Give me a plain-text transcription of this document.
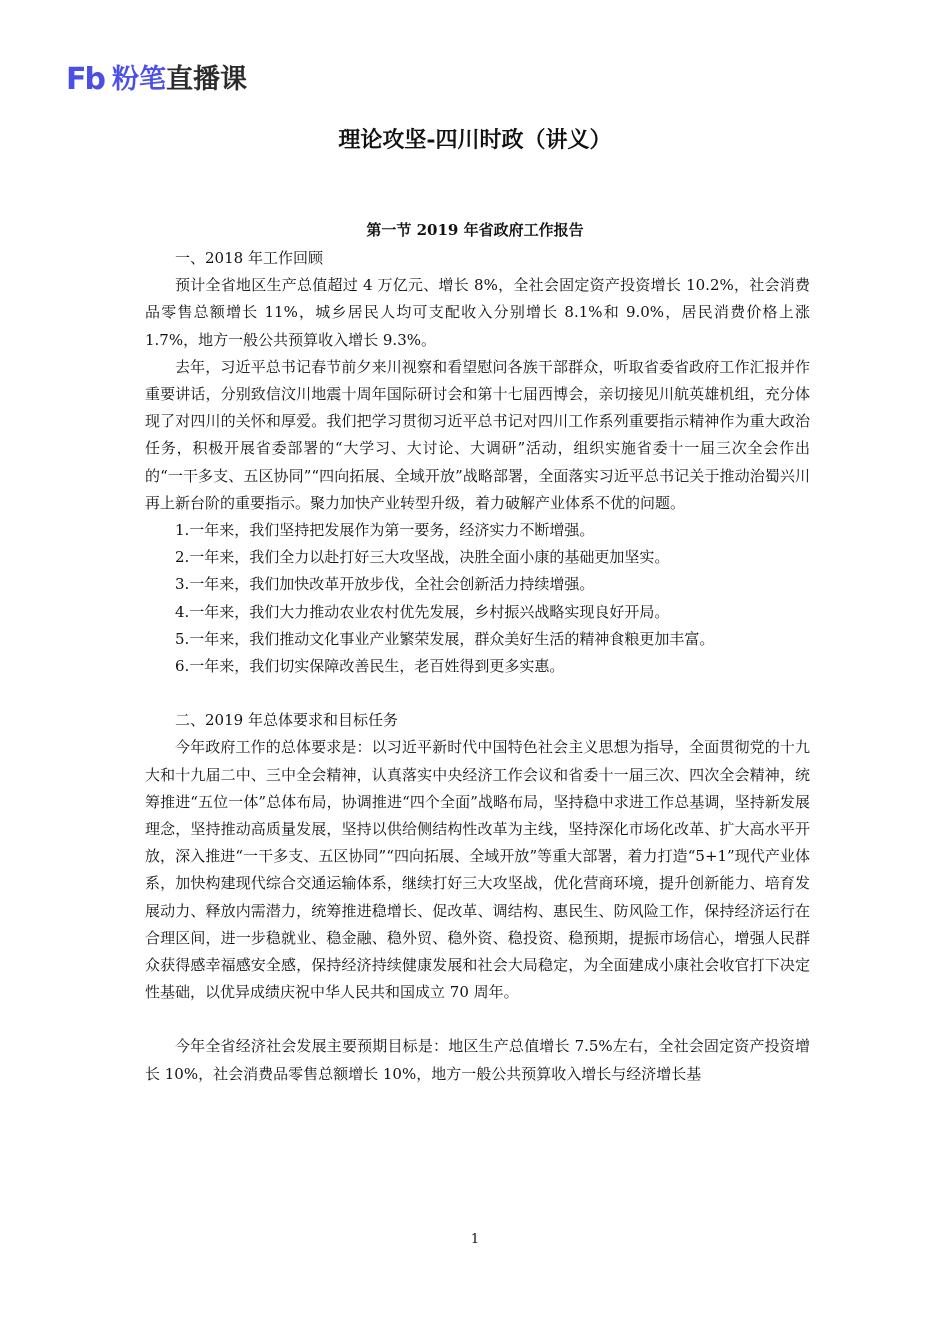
Fb 粉笔直播课
理论攻坚-四川时政（讲义）
第一节 2019 年省政府工作报告

一、2018 年工作回顾

预计全省地区生产总值超过 4 万亿元、增长 8%，全社会固定资产投资增长 10.2%，社会消费品零售总额增长 11%，城乡居民人均可支配收入分别增长 8.1%和 9.0%，居民消费价格上涨 1.7%，地方一般公共预算收入增长 9.3%。

去年，习近平总书记春节前夕来川视察和看望慰问各族干部群众，听取省委省政府工作汇报并作重要讲话，分别致信汶川地震十周年国际研讨会和第十七届西博会，亲切接见川航英雄机组，充分体现了对四川的关怀和厚爱。我们把学习贯彻习近平总书记对四川工作系列重要指示精神作为重大政治任务，积极开展省委部署的“大学习、大讨论、大调研”活动，组织实施省委十一届三次全会作出的“一干多支、五区协同”“四向拓展、全域开放”战略部署，全面落实习近平总书记关于推动治蜀兴川再上新台阶的重要指示。聚力加快产业转型升级，着力破解产业体系不优的问题。

1.一年来，我们坚持把发展作为第一要务，经济实力不断增强。

2.一年来，我们全力以赴打好三大攻坚战，决胜全面小康的基础更加坚实。

3.一年来，我们加快改革开放步伐，全社会创新活力持续增强。

4.一年来，我们大力推动农业农村优先发展，乡村振兴战略实现良好开局。

5.一年来，我们推动文化事业产业繁荣发展，群众美好生活的精神食粮更加丰富。

6.一年来，我们切实保障改善民生，老百姓得到更多实惠。

二、2019 年总体要求和目标任务

今年政府工作的总体要求是：以习近平新时代中国特色社会主义思想为指导，全面贯彻党的十九大和十九届二中、三中全会精神，认真落实中央经济工作会议和省委十一届三次、四次全会精神，统筹推进“五位一体”总体布局，协调推进“四个全面”战略布局，坚持稳中求进工作总基调，坚持新发展理念，坚持推动高质量发展，坚持以供给侧结构性改革为主线，坚持深化市场化改革、扩大高水平开放，深入推进“一干多支、五区协同”“四向拓展、全域开放”等重大部署，着力打造“5+1”现代产业体系，加快构建现代综合交通运输体系，继续打好三大攻坚战，优化营商环境，提升创新能力、培育发展动力、释放内需潜力，统筹推进稳增长、促改革、调结构、惠民生、防风险工作，保持经济运行在合理区间，进一步稳就业、稳金融、稳外贸、稳外资、稳投资、稳预期，提振市场信心，增强人民群众获得感幸福感安全感，保持经济持续健康发展和社会大局稳定，为全面建成小康社会收官打下决定性基础，以优异成绩庆祝中华人民共和国成立 70 周年。

今年全省经济社会发展主要预期目标是：地区生产总值增长 7.5%左右，全社会固定资产投资增长 10%，社会消费品零售总额增长 10%，地方一般公共预算收入增长与经济增长基

1
